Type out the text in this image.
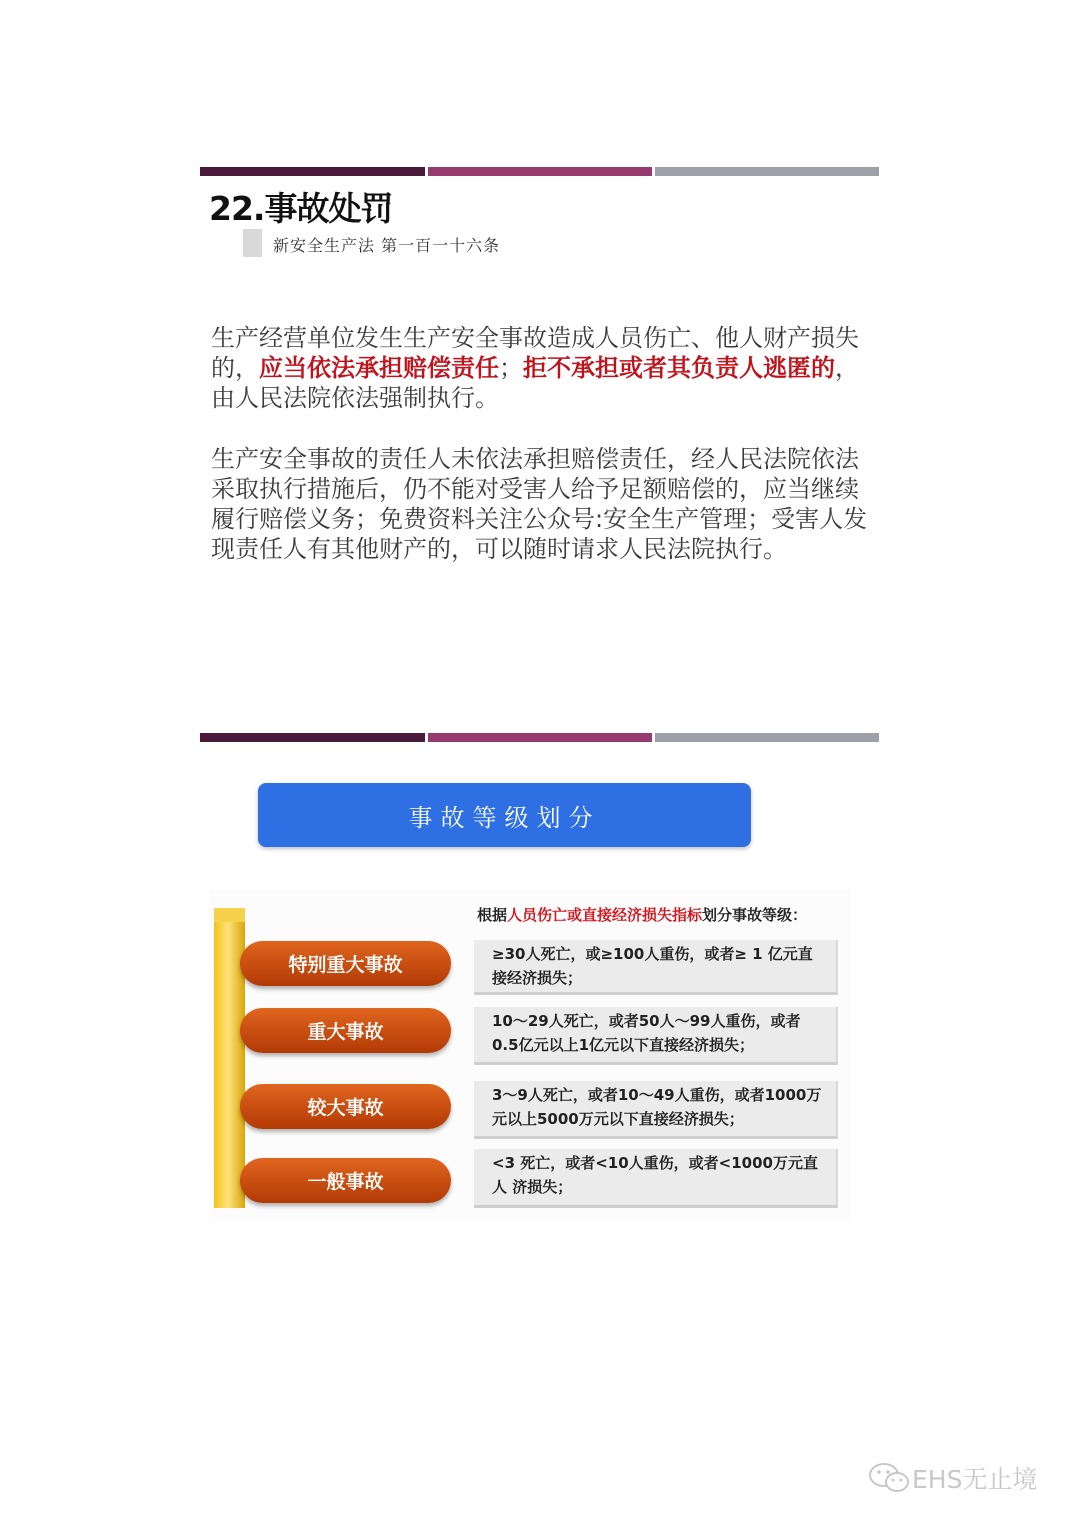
22.事故处罚
新安全生产法 第一百一十六条
生产经营单位发生生产安全事故造成人员伤亡、他人财产损失的，应当依法承担赔偿责任；拒不承担或者其负责人逃匿的，由人民法院依法强制执行。
生产安全事故的责任人未依法承担赔偿责任，经人民法院依法采取执行措施后，仍不能对受害人给予足额赔偿的，应当继续履行赔偿义务；免费资料关注公众号:安全生产管理；受害人发现责任人有其他财产的，可以随时请求人民法院执行。
事故等级划分
根据人员伤亡或直接经济损失指标划分事故等级：
特别重大事故
重大事故
较大事故
一般事故
≥30人死亡，或≥100人重伤，或者≥ 1 亿元直接经济损失；
10～29人死亡，或者50人～99人重伤，或者0.5亿元以上1亿元以下直接经济损失；
3～9人死亡，或者10～49人重伤，或者1000万元以上5000万元以下直接经济损失；
<3 死亡，或者<10人重伤，或者<1000万元直人 济损失；
EHS无止境
